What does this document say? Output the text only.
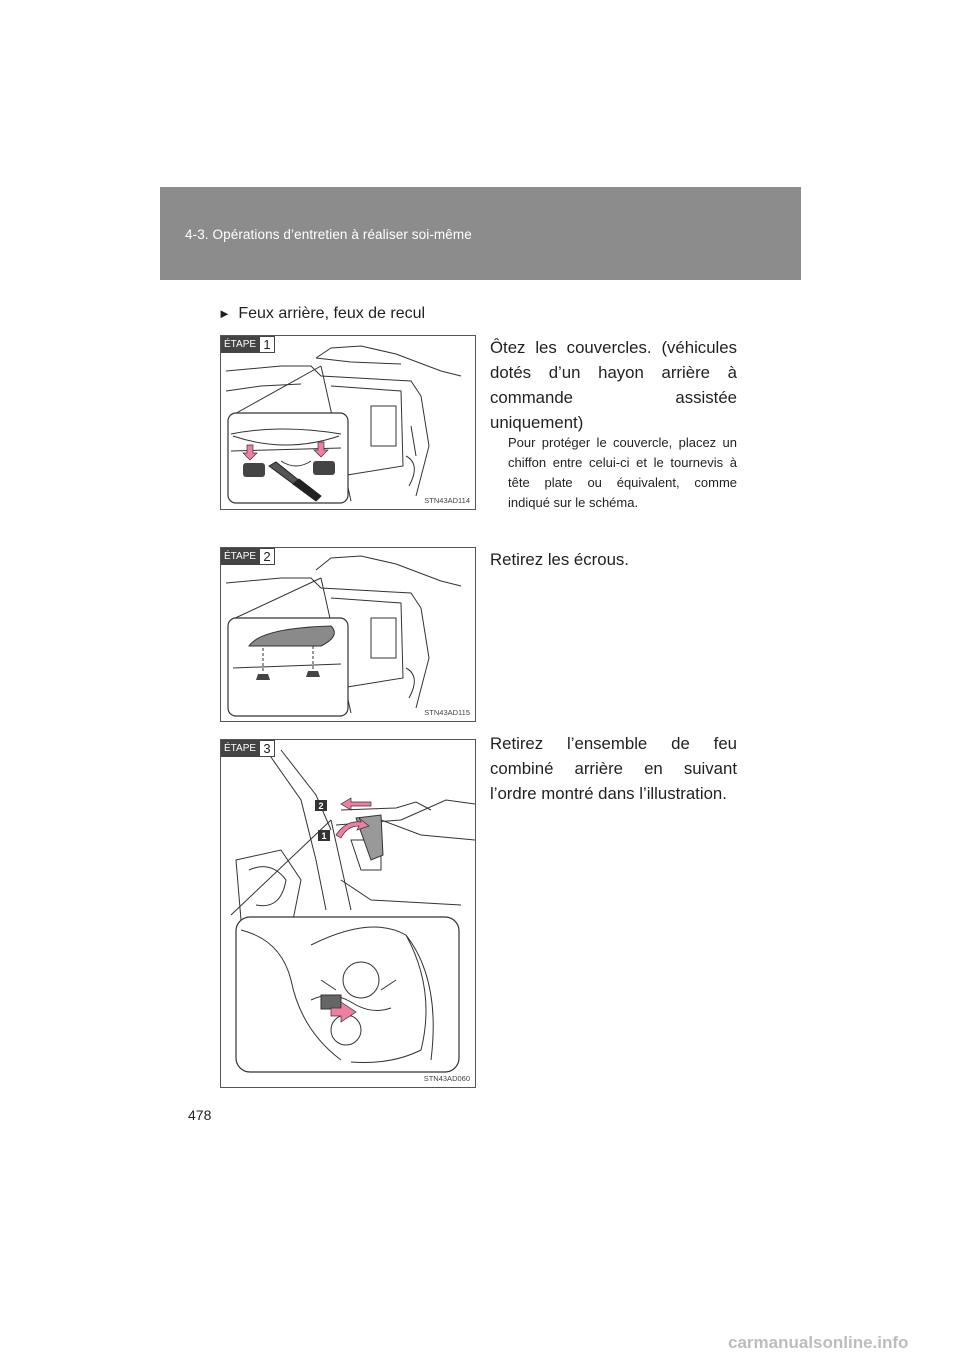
4-3. Opérations d’entretien à réaliser soi-même
► Feux arrière, feux de recul
ÉTAPE 1
STN43AD114
Ôtez les couvercles. (véhicules dotés d’un hayon arrière à commande assistée uniquement)
Pour protéger le couvercle, placez un chiffon entre celui-ci et le tournevis à tête plate ou équivalent, comme indiqué sur le schéma.
ÉTAPE 2
STN43AD115
Retirez les écrous.
2
1
ÉTAPE 3
STN43AD060
Retirez l’ensemble de feu combiné arrière en suivant l’ordre montré dans l’illustration.
478
carmanualsonline.info
